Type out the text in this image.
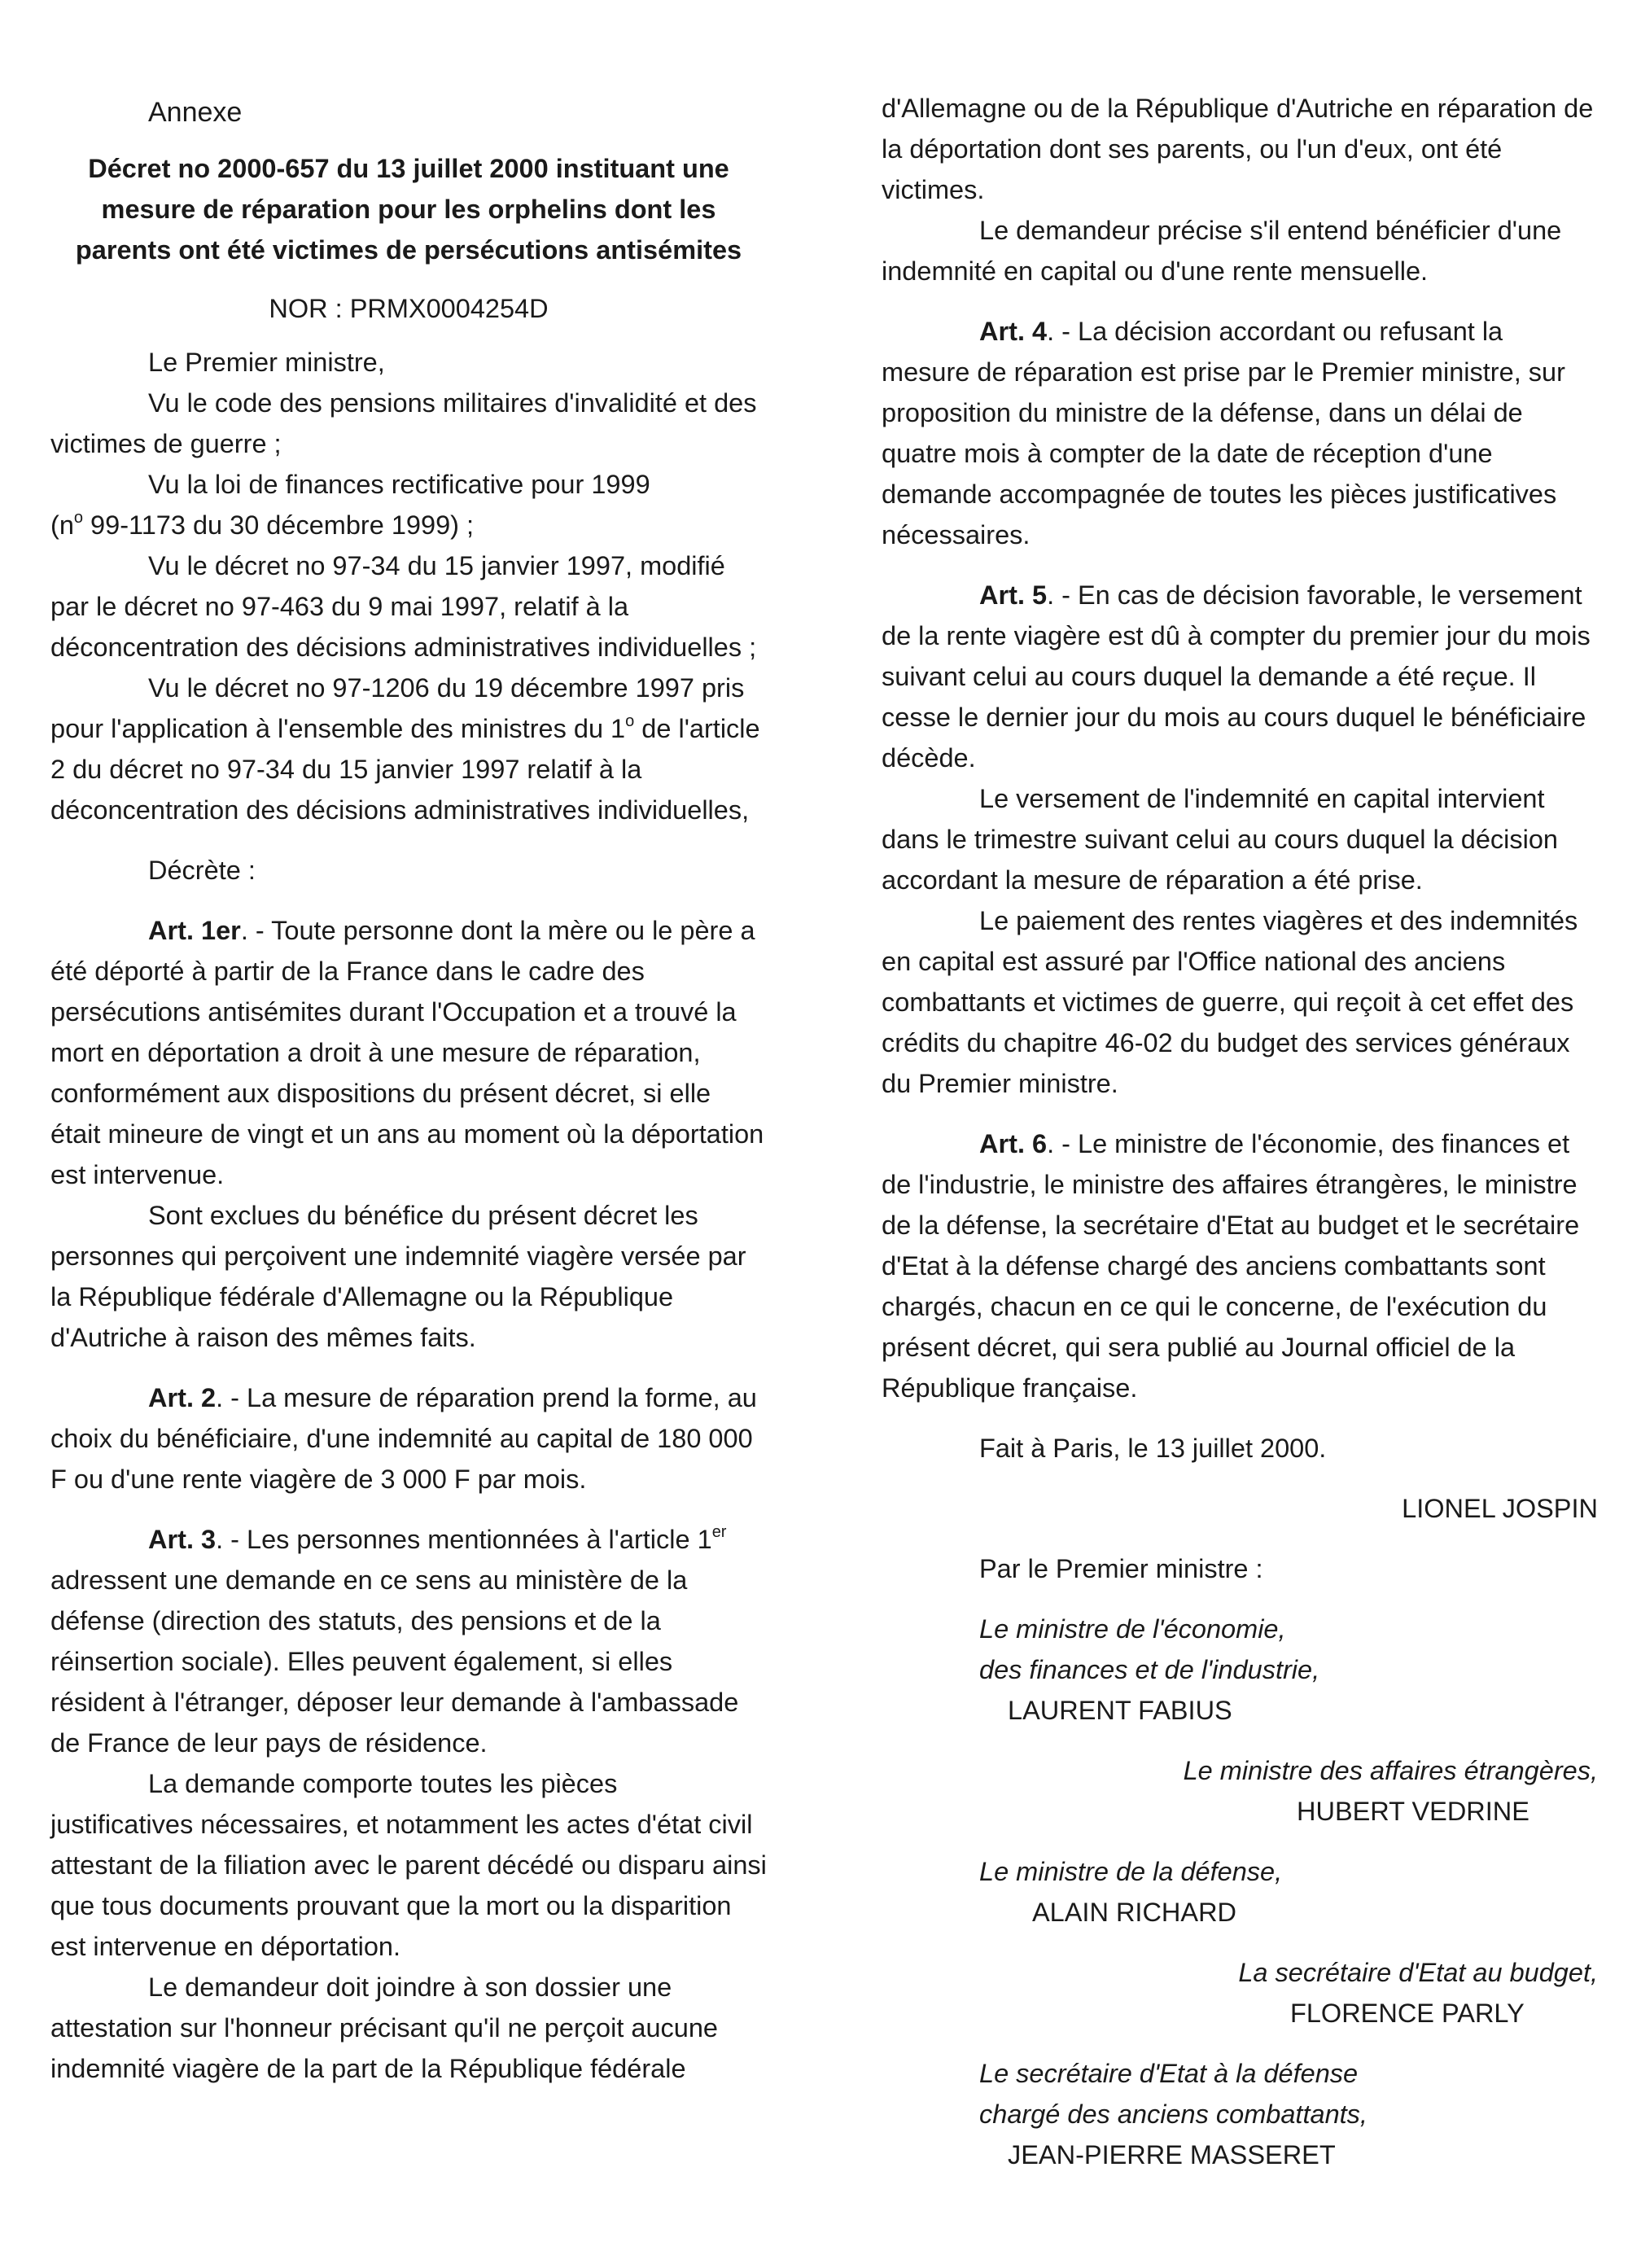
Annexe

Décret no 2000-657 du 13 juillet 2000 instituant une mesure de réparation pour les orphelins dont les parents ont été victimes de persécutions antisémites

NOR : PRMX0004254D

Le Premier ministre,

Vu le code des pensions militaires d'invalidité et des victimes de guerre ;

Vu la loi de finances rectificative pour 1999

($n^o$ 99-1173 du 30 décembre 1999) ;

Vu le décret no 97-34 du 15 janvier 1997, modifié par le décret no 97-463 du 9 mai 1997, relatif à la déconcentration des décisions administratives individuelles ;

Vu le décret no 97-1206 du 19 décembre 1997 pris pour l'application à l'ensemble des ministres du 1$^o$ de l'article 2 du décret no 97-34 du 15 janvier 1997 relatif à la déconcentration des décisions administratives individuelles,

Décrète :

Art. 1er. - Toute personne dont la mère ou le père a été déporté à partir de la France dans le cadre des persécutions antisémites durant l'Occupation et a trouvé la mort en déportation a droit à une mesure de réparation, conformément aux dispositions du présent décret, si elle était mineure de vingt et un ans au moment où la déportation est intervenue.

Sont exclues du bénéfice du présent décret les personnes qui perçoivent une indemnité viagère versée par la République fédérale d'Allemagne ou la République d'Autriche à raison des mêmes faits.

Art. 2. - La mesure de réparation prend la forme, au choix du bénéficiaire, d'une indemnité au capital de 180 000 F ou d'une rente viagère de 3 000 F par mois.

Art. 3. - Les personnes mentionnées à l'article 1er adressent une demande en ce sens au ministère de la défense (direction des statuts, des pensions et de la réinsertion sociale). Elles peuvent également, si elles résident à l'étranger, déposer leur demande à l'ambassade de France de leur pays de résidence.

La demande comporte toutes les pièces justificatives nécessaires, et notamment les actes d'état civil attestant de la filiation avec le parent décédé ou disparu ainsi que tous documents prouvant que la mort ou la disparition est intervenue en déportation.

Le demandeur doit joindre à son dossier une attestation sur l'honneur précisant qu'il ne perçoit aucune indemnité viagère de la part de la République fédérale

d'Allemagne ou de la République d'Autriche en réparation de la déportation dont ses parents, ou l'un d'eux, ont été victimes.

Le demandeur précise s'il entend bénéficier d'une indemnité en capital ou d'une rente mensuelle.

Art. 4. - La décision accordant ou refusant la mesure de réparation est prise par le Premier ministre, sur proposition du ministre de la défense, dans un délai de quatre mois à compter de la date de réception d'une demande accompagnée de toutes les pièces justificatives nécessaires.

Art. 5. - En cas de décision favorable, le versement de la rente viagère est dû à compter du premier jour du mois suivant celui au cours duquel la demande a été reçue. Il cesse le dernier jour du mois au cours duquel le bénéficiaire décède.

Le versement de l'indemnité en capital intervient dans le trimestre suivant celui au cours duquel la décision accordant la mesure de réparation a été prise.

Le paiement des rentes viagères et des indemnités en capital est assuré par l'Office national des anciens combattants et victimes de guerre, qui reçoit à cet effet des crédits du chapitre 46-02 du budget des services généraux du Premier ministre.

Art. 6. - Le ministre de l'économie, des finances et de l'industrie, le ministre des affaires étrangères, le ministre de la défense, la secrétaire d'Etat au budget et le secrétaire d'Etat à la défense chargé des anciens combattants sont chargés, chacun en ce qui le concerne, de l'exécution du présent décret, qui sera publié au Journal officiel de la République française.

Fait à Paris, le 13 juillet 2000.

LIONEL JOSPIN

Par le Premier ministre :

Le ministre de l'économie,

des finances et de l'industrie,

LAURENT FABIUS

Le ministre des affaires étrangères,

HUBERT VEDRINE

Le ministre de la défense,

ALAIN RICHARD

La secrétaire d'Etat au budget,

FLORENCE PARLY

Le secrétaire d'Etat à la défense

chargé des anciens combattants,

JEAN-PIERRE MASSERET
